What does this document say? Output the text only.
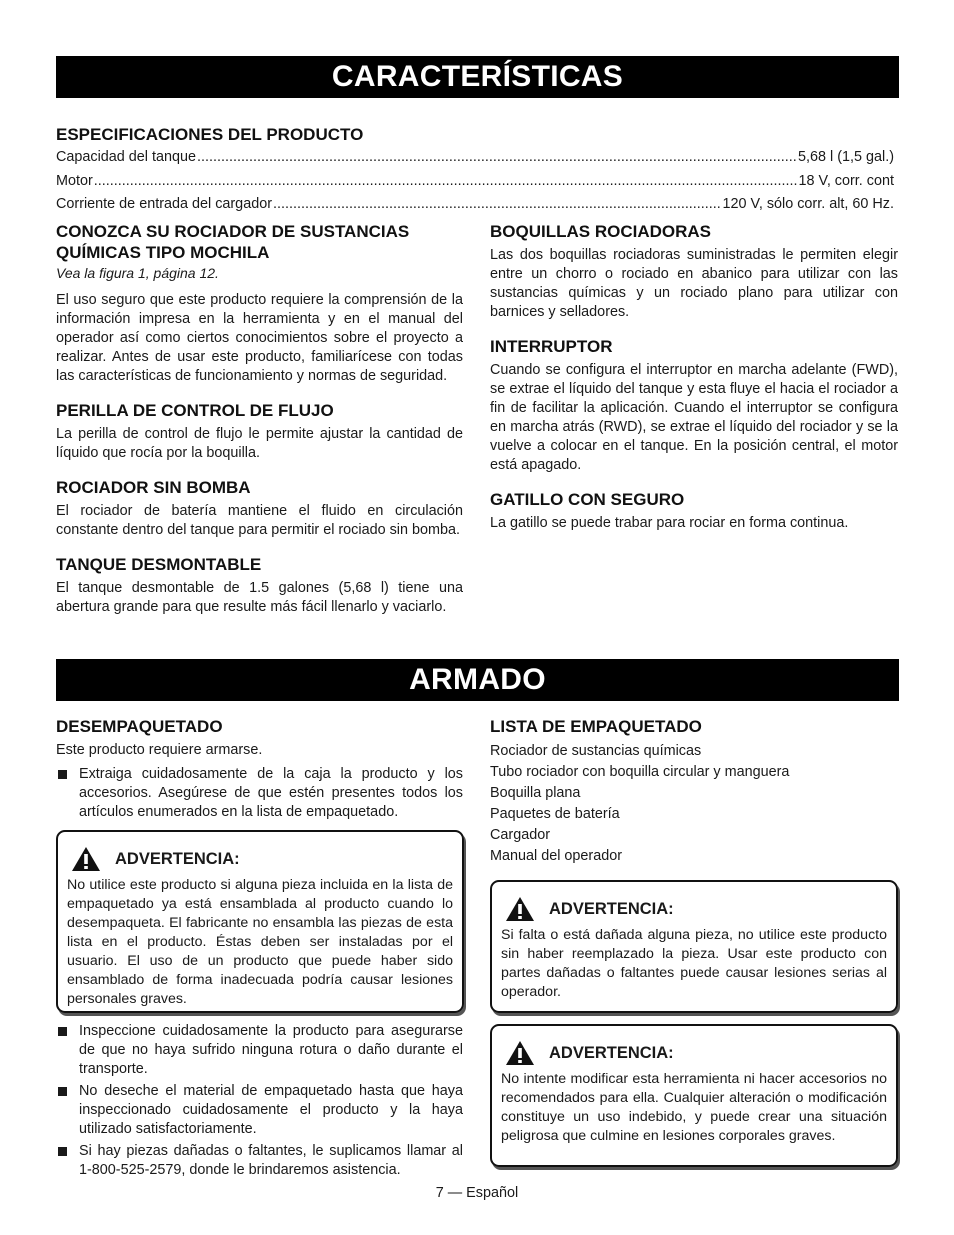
CARACTERÍSTICAS
ESPECIFICACIONES DEL PRODUCTO
Capacidad del tanque .....	5,68 l (1,5 gal.)
Motor .....	18 V, corr. cont
Corriente de entrada del cargador .....	120 V, sólo corr. alt, 60 Hz.
CONOZCA SU ROCIADOR DE SUSTANCIAS QUÍMICAS TIPO MOCHILA
Vea la figura 1, página 12.
El uso seguro que este producto requiere la comprensión de la información impresa en la herramienta y en el manual del operador así como ciertos conocimientos sobre el proyecto a realizar. Antes de usar este producto, familiarícese con todas las características de funcionamiento y normas de seguridad.
PERILLA DE CONTROL DE FLUJO
La perilla de control de flujo le permite ajustar la cantidad de líquido que rocía por la boquilla.
ROCIADOR SIN BOMBA
El rociador de batería mantiene el fluido en circulación constante dentro del tanque para permitir el rociado sin bomba.
TANQUE DESMONTABLE
El tanque desmontable de 1.5 galones (5,68 l) tiene una abertura grande para que resulte más fácil llenarlo y vaciarlo.
BOQUILLAS ROCIADORAS
Las dos boquillas rociadoras suministradas le permiten elegir entre un chorro o rociado en abanico para utilizar con las sustancias químicas y un rociado plano para utilizar con barnices y selladores.
INTERRUPTOR
Cuando se configura el interruptor en marcha adelante (FWD), se extrae el líquido del tanque y esta fluye el hacia el rociador a fin de facilitar la aplicación. Cuando el interruptor se configura en marcha atrás (RWD), se extrae el líquido del rociador y se la vuelve a colocar en el tanque. En la posición central, el motor está apagado.
GATILLO CON SEGURO
La gatillo se puede trabar para rociar en forma continua.
ARMADO
DESEMPAQUETADO
Este producto requiere armarse.
Extraiga cuidadosamente de la caja la producto y los accesorios. Asegúrese de que estén presentes todos los artículos enumerados en la lista de empaquetado.
ADVERTENCIA:
No utilice este producto si alguna pieza incluida en la lista de empaquetado ya está ensamblada al producto cuando lo desempaqueta. El fabricante no ensambla las piezas de esta lista en el producto. Éstas deben ser instaladas por el usuario. El uso de un producto que puede haber sido ensamblado de forma inadecuada podría causar lesiones personales graves.
Inspeccione cuidadosamente la producto para asegurarse de que no haya sufrido ninguna rotura o daño durante el transporte.
No deseche el material de empaquetado hasta que haya inspeccionado cuidadosamente el producto y la haya utilizado satisfactoriamente.
Si hay piezas dañadas o faltantes, le suplicamos llamar al 1-800-525-2579, donde le brindaremos asistencia.
LISTA DE EMPAQUETADO
Rociador de sustancias químicas
Tubo rociador con boquilla circular y manguera
Boquilla plana
Paquetes de batería
Cargador
Manual del operador
ADVERTENCIA:
Si falta o está dañada alguna pieza, no utilice este producto sin haber reemplazado la pieza. Usar este producto con partes dañadas o faltantes puede causar lesiones serias al operador.
ADVERTENCIA:
No intente modificar esta herramienta ni hacer accesorios no recomendados para ella. Cualquier alteración o modificación constituye un uso indebido, y puede crear una situación peligrosa que culmine en lesiones corporales graves.
7 — Español
